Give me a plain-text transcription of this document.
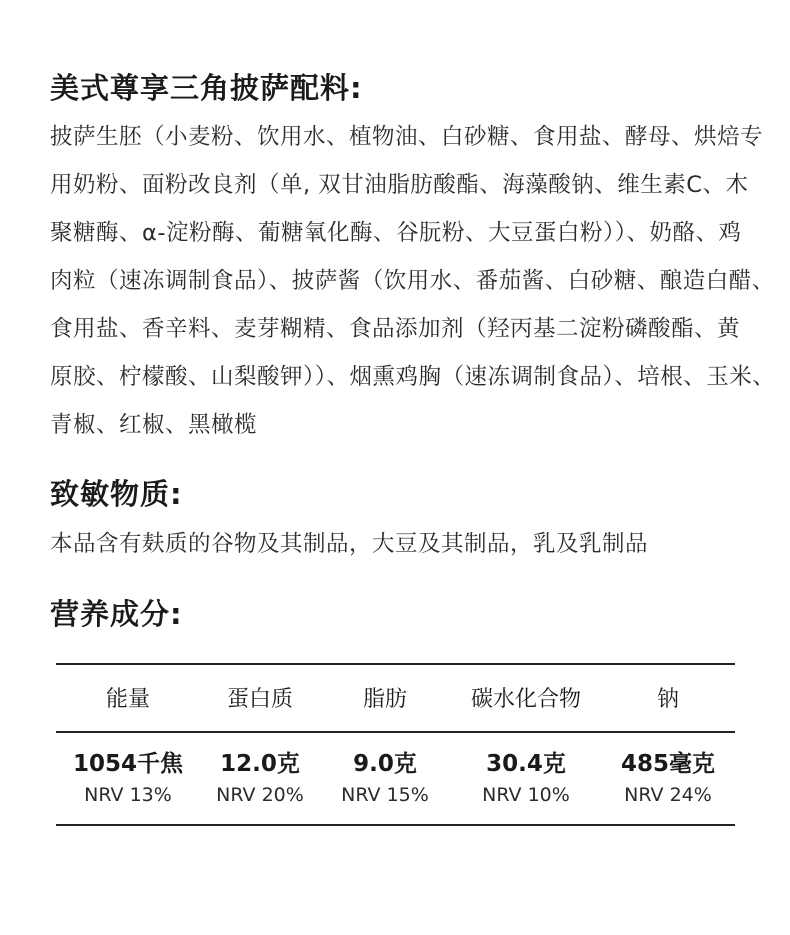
美式尊享三角披萨配料:
披萨生胚（小麦粉、饮用水、植物油、白砂糖、食用盐、酵母、烘焙专
用奶粉、面粉改良剂（单, 双甘油脂肪酸酯、海藻酸钠、维生素C、木
聚糖酶、α-淀粉酶、葡糖氧化酶、谷朊粉、大豆蛋白粉））、奶酪、鸡
肉粒（速冻调制食品）、披萨酱（饮用水、番茄酱、白砂糖、酿造白醋、
食用盐、香辛料、麦芽糊精、食品添加剂（羟丙基二淀粉磷酸酯、黄
原胶、柠檬酸、山梨酸钾））、烟熏鸡胸（速冻调制食品）、培根、玉米、
青椒、红椒、黑橄榄
致敏物质:
本品含有麸质的谷物及其制品，大豆及其制品，乳及乳制品
营养成分:
能量
1054千焦
NRV 13%
蛋白质
12.0克
NRV 20%
脂肪
9.0克
NRV 15%
碳水化合物
30.4克
NRV 10%
钠
485毫克
NRV 24%
